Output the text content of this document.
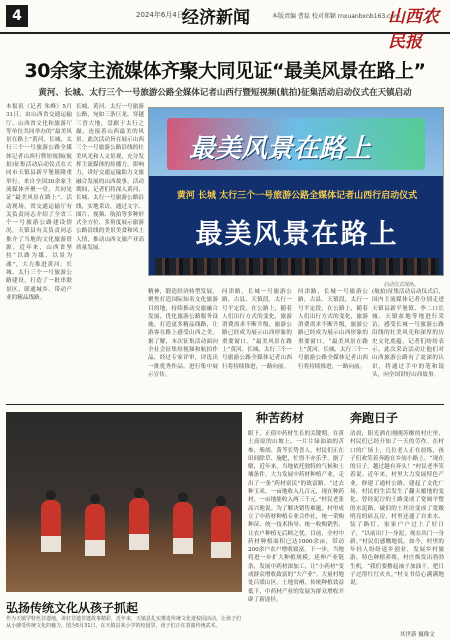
4	2024年6月4日
经济新闻	本版责编 曹磊 校对郑颖 rnxuanbxnb163.com
山西农民报
30余家主流媒体齐聚大同见证“最美风景在路上”
黄河、长城、太行三个一号旅游公路全媒体记者山西行暨短视频(航拍)征集活动启动仪式在天镇启动
本报讯（记者 朱峰）5月31日，由山西省交通运输厅、山西省文化和旅游厅等单位共同举办的“最美风景在路上”黄河、长城、太行三个一号旅游公路全媒体记者山西行暨短视频(航拍)征集活动启动仪式在大同市天镇县新平堡镇隆重举行。来自全国30余家主流媒体齐聚一堂，共同见证“最美风景在路上”。活动现场，省交通运输厅有关负责同志介绍了全省三个一号旅游公路建设情况，天镇县有关负责同志推介了当地的文化旅游资源。近年来，山西省坚持“以路为媒、以景为魂”，大力推进黄河、长城、太行三个一号旅游公路建设，打造了一批串联景区、联通城乡、带动产业的精品线路。
长城、黄河、太行一号旅游公路，宛如三条巨龙，穿越三晋大地，盘踞于太行之巅，连接着山西最美的风景。此次活动旨在展示山西三个一号旅游公路沿线的壮美风光和人文景观，充分发挥主流媒体的传播力、影响力，讲好交通运输助力文旅融合发展的山西故事。活动期间，记者们将深入黄河、长城、太行一号旅游公路沿线，实地采访，通过文字、图片、视频、航拍等多种形式全方位、多角度展示旅游公路沿线的美景美食和风土人情，推动山西文旅产业高质量发展。
最美风景在路上
黄河 长城 太行三个一号旅游公路全媒体记者山西行启动仪式
最美风景在路上
启动仪式现场。
精神，锻造经济转型发展，聚焦打造国际知名文化旅游目的地，持续推动交旅融合发展，优化旅游公路服务设施，打造更多精品线路，让游客在路上感受山西之美。据了解，本次征集活动面向全社会征集短视频和航拍作品，经过专家评审，评选出一批优秀作品，进行集中展示宣传。
问津路，长城一号旅游公路，古县、天镇段，太行一号平定段，在公路上，随着人们出行方式的变化，旅游消费需求不断升级，旅游公路已经成为展示山西形象的重要窗口。“最美风景在路上”黄河、长城、太行三个一号旅游公路全媒体记者山西行将持续推进，一路向前。
问津路，长城一号旅游公路，古县、天镇段，太行一号平定段，在公路上，随着人们出行方式的变化，旅游消费需求不断升级，旅游公路已经成为展示山西形象的重要窗口。“最美风景在路上”黄河、长城、太行三个一号旅游公路全媒体记者山西行将持续推进，一路向前。
(航拍)征集活动启动仪式后，国内主流媒体记者分别走进天镇县新平堡镇、李二口长城、天镇盆地等地进行采访，感受长城一号旅游公路沿线的壮美风光和深厚的历史文化底蕴。记者们纷纷表示，此次采访活动让他们对山西旅游公路有了更深的认识，将通过手中的笔和镜头，向全国讲好山西故事。
种苦药材
眼下，正值中药材生长的关键期，在黄土高原的山坡上，一片片绿油油的苦参、柴胡、黄芩长势喜人。村民们正在田间除草、施肥，忙得不亦乐乎。据了解，近年来，当地依托独特的气候和土壤条件，大力发展中药材种植产业，走出了一条“药材富民”的致富路。“过去种玉米，一亩地收入几百元，现在种药材，一亩地能收入两三千元。”村民老张高兴地说。为了解决销售难题，村里成立了中药材种植专业合作社，统一采购种苗、统一技术指导、统一收购销售，让农户种植无后顾之忧。目前，全村中药材种植面积已达1000余亩，带动200余户农户增收致富。下一步，当地将进一步扩大种植规模，延伸产业链条，发展中药材深加工，让“小药材”变成群众增收致富的“大产业”。大量村地处吕梁山区，土地贫瘠，传统种植效益低下，中药材产业的发展为群众增收开辟了新途径。
奔跑日子
清晨，阳光洒在刚刚苏醒的村庄里，村民们已经开始了一天的劳作。在村口的广场上，几位老人正在晨练，孩子们欢笑着奔跑在乡间小路上。“现在的日子，越过越有奔头！”村民老李笑着说。近年来，村里大力发展特色产业，修建了通村公路，建起了文化广场，村民的生活发生了翻天覆地的变化。曾经泥泞的土路变成了宽阔平整的水泥路，破旧的土坯房变成了宽敞明亮的砖瓦房，村里还通了自来水、装了路灯，家家户户过上了好日子。“以前出门一身泥，现在出门一身新。”村民们感慨地说。如今，村里的年轻人纷纷返乡创业，发展乡村旅游、特色种植养殖，村庄焕发出勃勃生机。“我们要撸起袖子加油干，把日子过得红红火火。”村支书信心满满地说。
其世新 摄像文
弘扬传统文化从孩子抓起
作为天镇学特色非遗地，讲好非遗非遗故事精彩，近年来，天镇县扎实推进传统文化进校园活动，让孩子们从小感受传统文化的魅力。图为5月31日，在天镇县某小学的校园里，孩子们正在表演传统武术。
